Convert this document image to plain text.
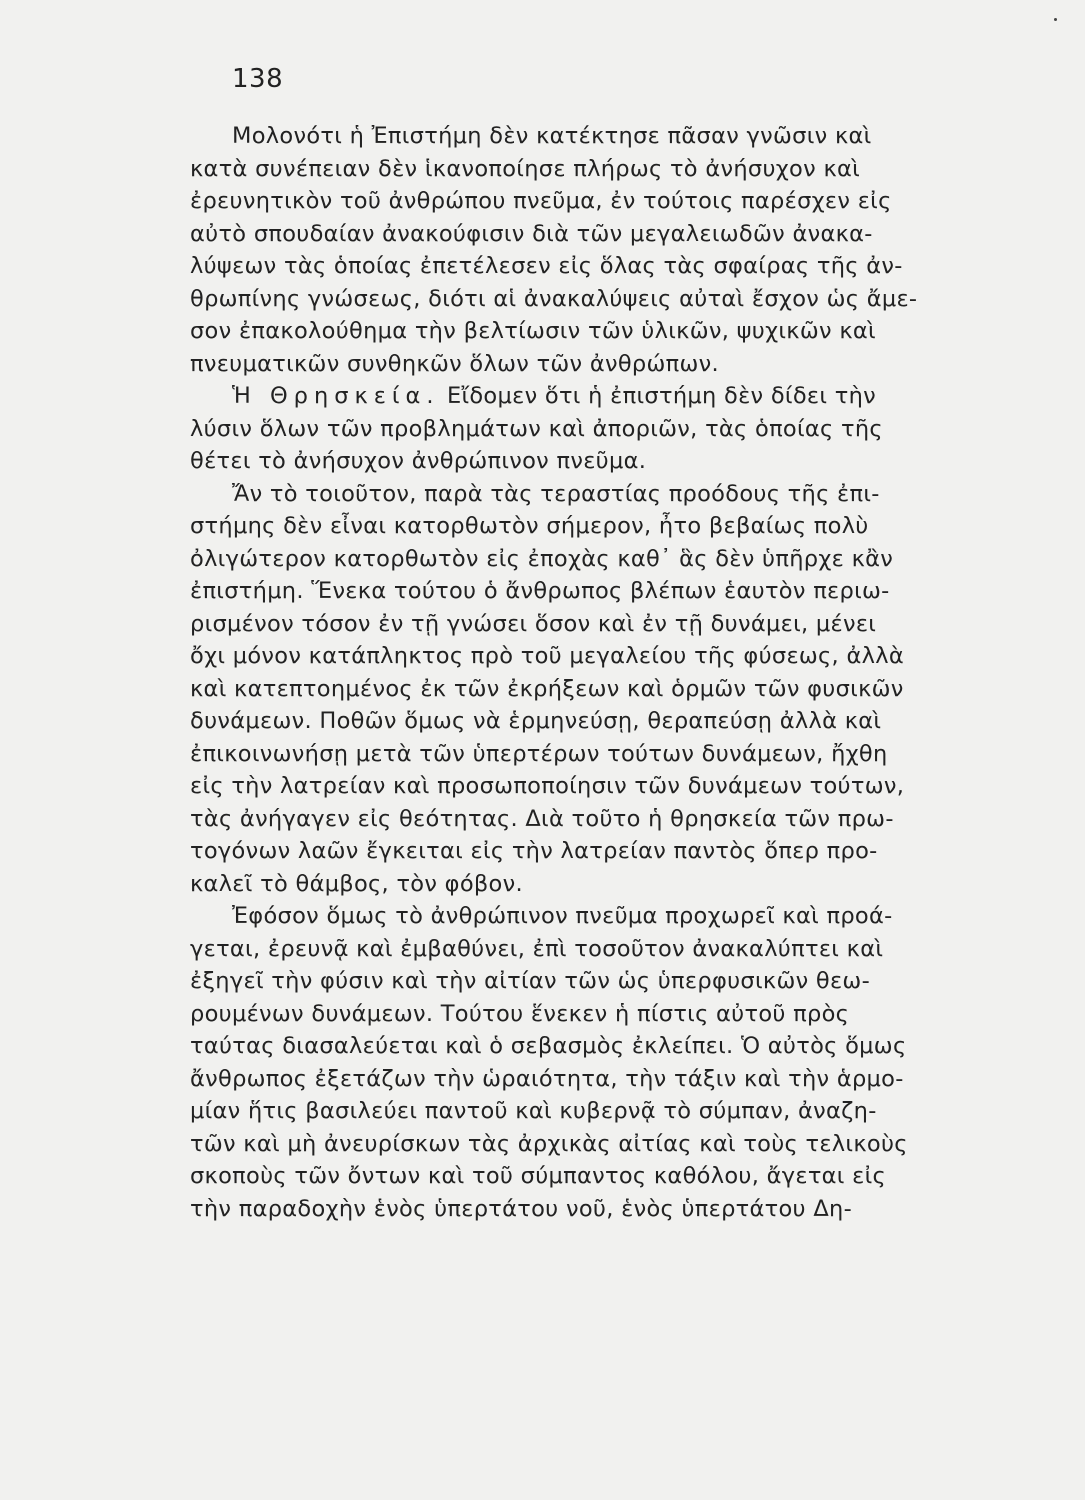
138
Μολονότι ἡ Ἐπιστήμη δὲν κατέκτησε πᾶσαν γνῶσιν καὶ
κατὰ συνέπειαν δὲν ἱκανοποίησε πλήρως τὸ ἀνήσυχον καὶ
ἐρευνητικὸν τοῦ ἀνθρώπου πνεῦμα, ἐν τούτοις παρέσχεν εἰς
αὐτὸ σπουδαίαν ἀνακούφισιν διὰ τῶν μεγαλειωδῶν ἀνακα-
λύψεων τὰς ὁποίας ἐπετέλεσεν εἰς ὅλας τὰς σφαίρας τῆς ἀν-
θρωπίνης γνώσεως, διότι αἱ ἀνακαλύψεις αὐταὶ ἔσχον ὡς ἄμε-
σον ἐπακολούθημα τὴν βελτίωσιν τῶν ὑλικῶν, ψυχικῶν καὶ
πνευματικῶν συνθηκῶν ὅλων τῶν ἀνθρώπων.
Ἡ Θρησκεία. Εἴδομεν ὅτι ἡ ἐπιστήμη δὲν δίδει τὴν
λύσιν ὅλων τῶν προβλημάτων καὶ ἀποριῶν, τὰς ὁποίας τῆς
θέτει τὸ ἀνήσυχον ἀνθρώπινον πνεῦμα.
Ἄν τὸ τοιοῦτον, παρὰ τὰς τεραστίας προόδους τῆς ἐπι-
στήμης δὲν εἶναι κατορθωτὸν σήμερον, ἦτο βεβαίως πολὺ
ὀλιγώτερον κατορθωτὸν εἰς ἐποχὰς καθ᾽ ἃς δὲν ὑπῆρχε κἂν
ἐπιστήμη. Ἕνεκα τούτου ὁ ἄνθρωπος βλέπων ἑαυτὸν περιω-
ρισμένον τόσον ἐν τῇ γνώσει ὅσον καὶ ἐν τῇ δυνάμει, μένει
ὄχι μόνον κατάπληκτος πρὸ τοῦ μεγαλείου τῆς φύσεως, ἀλλὰ
καὶ κατεπτοημένος ἐκ τῶν ἐκρήξεων καὶ ὁρμῶν τῶν φυσικῶν
δυνάμεων. Ποθῶν ὅμως νὰ ἑρμηνεύσῃ, θεραπεύσῃ ἀλλὰ καὶ
ἐπικοινωνήσῃ μετὰ τῶν ὑπερτέρων τούτων δυνάμεων, ἤχθη
εἰς τὴν λατρείαν καὶ προσωποποίησιν τῶν δυνάμεων τούτων,
τὰς ἀνήγαγεν εἰς θεότητας. Διὰ τοῦτο ἡ θρησκεία τῶν πρω-
τογόνων λαῶν ἔγκειται εἰς τὴν λατρείαν παντὸς ὅπερ προ-
καλεῖ τὸ θάμβος, τὸν φόβον.
Ἐφόσον ὅμως τὸ ἀνθρώπινον πνεῦμα προχωρεῖ καὶ προά-
γεται, ἐρευνᾷ καὶ ἐμβαθύνει, ἐπὶ τοσοῦτον ἀνακαλύπτει καὶ
ἐξηγεῖ τὴν φύσιν καὶ τὴν αἰτίαν τῶν ὡς ὑπερφυσικῶν θεω-
ρουμένων δυνάμεων. Τούτου ἕνεκεν ἡ πίστις αὐτοῦ πρὸς
ταύτας διασαλεύεται καὶ ὁ σεβασμὸς ἐκλείπει. Ὁ αὐτὸς ὅμως
ἄνθρωπος ἐξετάζων τὴν ὡραιότητα, τὴν τάξιν καὶ τὴν ἁρμο-
μίαν ἥτις βασιλεύει παντοῦ καὶ κυβερνᾷ τὸ σύμπαν, ἀναζη-
τῶν καὶ μὴ ἀνευρίσκων τὰς ἀρχικὰς αἰτίας καὶ τοὺς τελικοὺς
σκοποὺς τῶν ὄντων καὶ τοῦ σύμπαντος καθόλου, ἄγεται εἰς
τὴν παραδοχὴν ἑνὸς ὑπερτάτου νοῦ, ἑνὸς ὑπερτάτου Δη-
